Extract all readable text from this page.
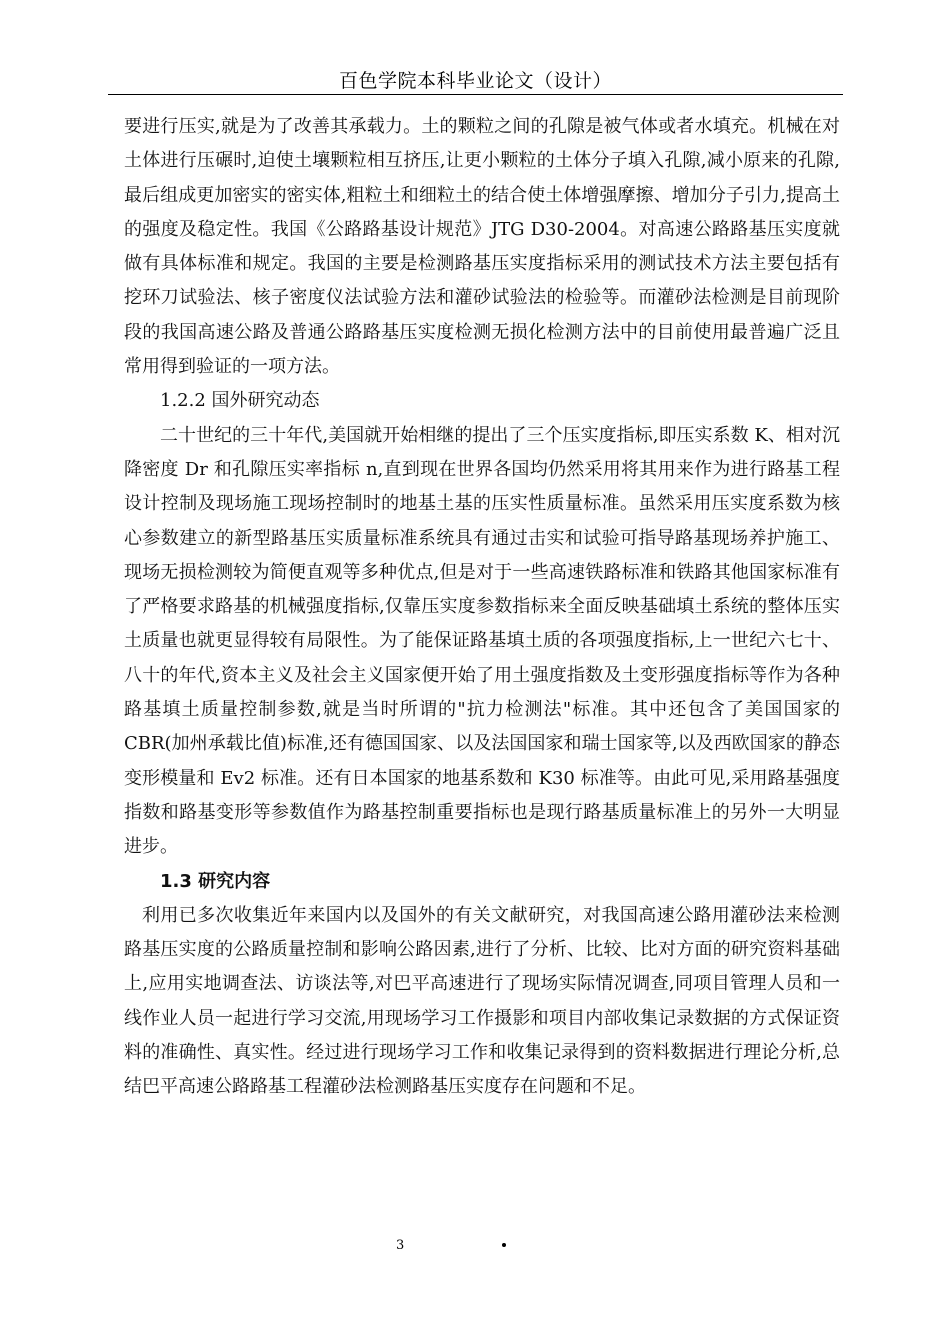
百色学院本科毕业论文（设计）

要进行压实,就是为了改善其承载力。土的颗粒之间的孔隙是被气体或者水填充。机械在对土体进行压碾时,迫使土壤颗粒相互挤压,让更小颗粒的土体分子填入孔隙,减小原来的孔隙,最后组成更加密实的密实体,粗粒土和细粒土的结合使土体增强摩擦、增加分子引力,提高土的强度及稳定性。我国《公路路基设计规范》JTG D30-2004。对高速公路路基压实度就做有具体标准和规定。我国的主要是检测路基压实度指标采用的测试技术方法主要包括有挖环刀试验法、核子密度仪法试验方法和灌砂试验法的检验等。而灌砂法检测是目前现阶段的我国高速公路及普通公路路基压实度检测无损化检测方法中的目前使用最普遍广泛且常用得到验证的一项方法。

1.2.2 国外研究动态

二十世纪的三十年代,美国就开始相继的提出了三个压实度指标,即压实系数 K、相对沉降密度 Dr 和孔隙压实率指标 n,直到现在世界各国均仍然采用将其用来作为进行路基工程设计控制及现场施工现场控制时的地基土基的压实性质量标准。虽然采用压实度系数为核心参数建立的新型路基压实质量标准系统具有通过击实和试验可指导路基现场养护施工、现场无损检测较为简便直观等多种优点,但是对于一些高速铁路标准和铁路其他国家标准有了严格要求路基的机械强度指标,仅靠压实度参数指标来全面反映基础填土系统的整体压实土质量也就更显得较有局限性。为了能保证路基填土质的各项强度指标,上一世纪六七十、八十的年代,资本主义及社会主义国家便开始了用土强度指数及土变形强度指标等作为各种路基填土质量控制参数,就是当时所谓的"抗力检测法"标准。其中还包含了美国国家的 CBR(加州承载比值)标准,还有德国国家、以及法国国家和瑞士国家等,以及西欧国家的静态变形模量和 Ev2 标准。还有日本国家的地基系数和 K30 标准等。由此可见,采用路基强度指数和路基变形等参数值作为路基控制重要指标也是现行路基质量标准上的另外一大明显进步。

1.3 研究内容

利用已多次收集近年来国内以及国外的有关文献研究，对我国高速公路用灌砂法来检测路基压实度的公路质量控制和影响公路因素,进行了分析、比较、比对方面的研究资料基础上,应用实地调查法、访谈法等,对巴平高速进行了现场实际情况调查,同项目管理人员和一线作业人员一起进行学习交流,用现场学习工作摄影和项目内部收集记录数据的方式保证资料的准确性、真实性。经过进行现场学习工作和收集记录得到的资料数据进行理论分析,总结巴平高速公路路基工程灌砂法检测路基压实度存在问题和不足。

3
